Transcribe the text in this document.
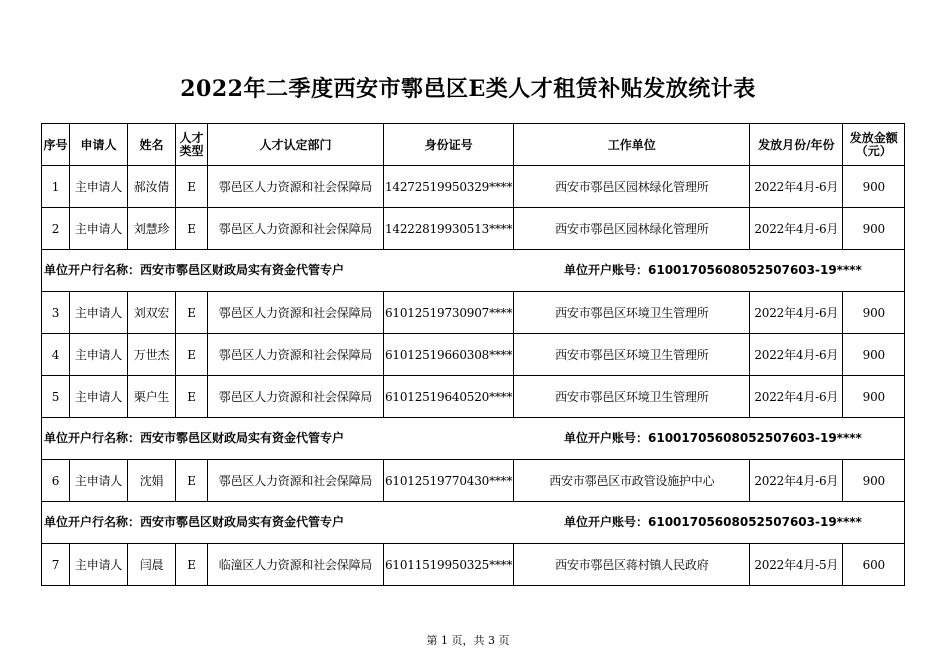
2022年二季度西安市鄠邑区E类人才租赁补贴发放统计表
序号	申请人	姓名	人才类型	人才认定部门	身份证号	工作单位	发放月份/年份	发放金额（元）
1	主申请人	郝汝倩	E	鄠邑区人力资源和社会保障局	14272519950329****	西安市鄠邑区园林绿化管理所	2022年4月-6月	900
2	主申请人	刘慧珍	E	鄠邑区人力资源和社会保障局	14222819930513****	西安市鄠邑区园林绿化管理所	2022年4月-6月	900

单位开户行名称：西安市鄠邑区财政局实有资金代管专户 单位开户账号：61001705608052507603-19****								

3	主申请人	刘双宏	E	鄠邑区人力资源和社会保障局	61012519730907****	西安市鄠邑区环境卫生管理所	2022年4月-6月	900
4	主申请人	万世杰	E	鄠邑区人力资源和社会保障局	61012519660308****	西安市鄠邑区环境卫生管理所	2022年4月-6月	900
5	主申请人	栗户生	E	鄠邑区人力资源和社会保障局	61012519640520****	西安市鄠邑区环境卫生管理所	2022年4月-6月	900

单位开户行名称：西安市鄠邑区财政局实有资金代管专户 单位开户账号：61001705608052507603-19****								

6	主申请人	沈娟	E	鄠邑区人力资源和社会保障局	61012519770430****	西安市鄠邑区市政管设施护中心	2022年4月-6月	900

单位开户行名称：西安市鄠邑区财政局实有资金代管专户 单位开户账号：61001705608052507603-19****								

7	主申请人	闫晨	E	临潼区人力资源和社会保障局	61011519950325****	西安市鄠邑区蒋村镇人民政府	2022年4月-5月	600
第 1 页，共 3 页
